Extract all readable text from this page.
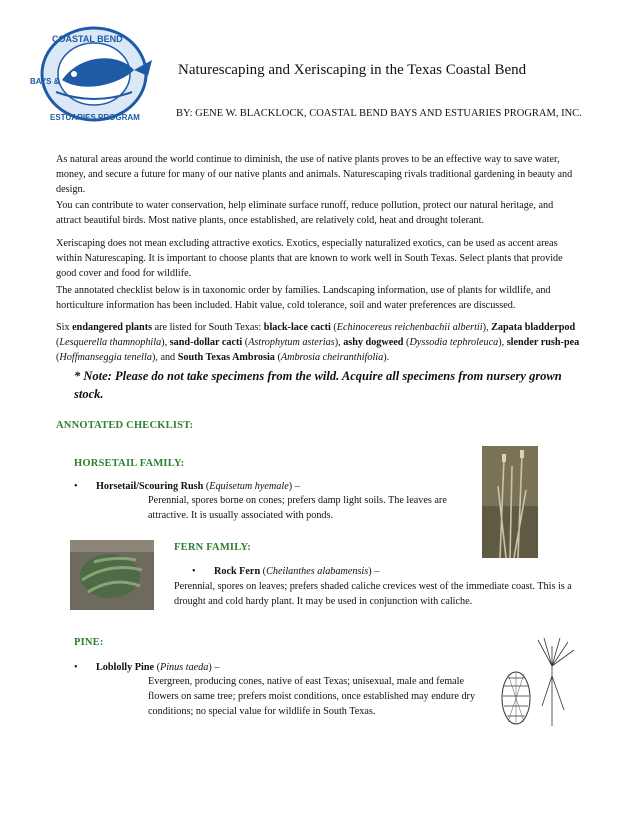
COASTAL BEND
BAYS &
ESTUARIES PROGRAM
Naturescaping and Xeriscaping in the Texas Coastal Bend
BY: GENE W. BLACKLOCK, COASTAL BEND BAYS AND ESTUARIES PROGRAM, INC.
As natural areas around the world continue to diminish, the use of native plants proves to be an effective way to save water, money, and secure a future for many of our native plants and animals. Naturescaping rivals traditional gardening in beauty and design.
You can contribute to water conservation, help eliminate surface runoff, reduce pollution, protect our natural heritage, and attract beautiful birds. Most native plants, once established, are relatively cold, heat and drought tolerant.
Xeriscaping does not mean excluding attractive exotics. Exotics, especially naturalized exotics, can be used as accent areas within Naturescaping. It is important to choose plants that are known to work well in South Texas. Select plants that provide good cover and food for wildlife.
The annotated checklist below is in taxonomic order by families. Landscaping information, use of plants for wildlife, and horticulture information has been included. Habit value, cold tolerance, soil and water preferences are discussed.
Six endangered plants are listed for South Texas: black-lace cacti (Echinocereus reichenbachii albertii), Zapata bladderpod (Lesquerella thamnophila), sand-dollar cacti (Astrophytum asterias), ashy dogweed (Dyssodia tephroleuca), slender rush-pea (Hoffmanseggia tenella), and South Texas Ambrosia (Ambrosia cheiranthifolia).
* Note: Please do not take specimens from the wild. Acquire all specimens from nursery grown stock.
ANNOTATED CHECKLIST:
HORSETAIL FAMILY:
• Horsetail/Scouring Rush (Equisetum hyemale) –
Perennial, spores borne on cones; prefers damp light soils. The leaves are
attractive. It is usually associated with ponds.
FERN FAMILY:
• Rock Fern (Cheilanthes alabamensis) –
Perennial, spores on leaves; prefers shaded caliche crevices west of the immediate coast. This is a
drought and cold hardy plant. It may be used in conjunction with caliche.
PINE:
• Loblolly Pine (Pinus taeda) –
Evergreen, producing cones, native of east Texas; unisexual, male and female
flowers on same tree; prefers moist conditions, once established may endure dry
conditions; no special value for wildlife in South Texas.
